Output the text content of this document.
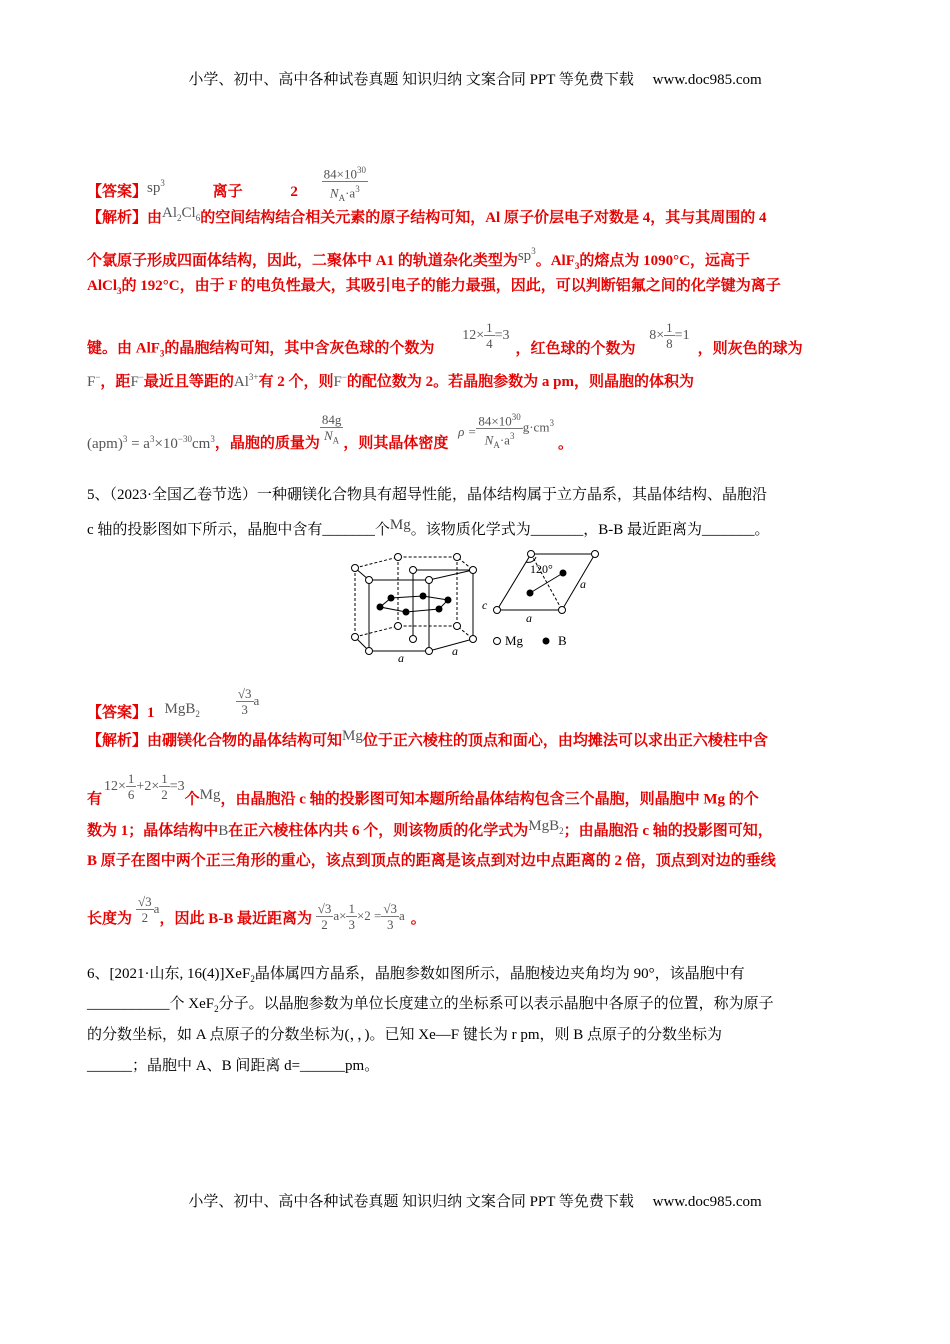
小学、初中、高中各种试卷真题 知识归纳 文案合同 PPT 等免费下载　 www.doc985.com
【答案】$sp^3$ 离子	$2 \frac{84\times 10^{30}}{N_A\cdot a^3}$
【解析】由$Al_2Cl_6$的空间结构结合相关元素的原子结构可知，Al 原子价层电子对数是 4，其与其周围的 4
个氯原子形成四面体结构，因此，二聚体中 A1 的轨道杂化类型为$sp^3$。AlF$_3$的熔点为 1090°C，远高于
AlCl$_3$的 192°C，由于 F 的电负性最大，其吸引电子的能力最强，因此，可以判断铝氟之间的化学键为离子
键。由 AlF$_3$的晶胞结构可知，其中含灰色球的个数为
$12\times \frac{1}{4} =3$
，红色球的个数为
$8\times \frac{1}{8} =1$
，则灰色的球为
F−，距F−最近且等距的$Al^{3+}$有 2 个，则F−的配位数为 2。若晶胞参数为 a pm，则晶胞的体积为
$(apm)^3 = a^3\times 10^{-30}cm^3$，晶胞的质量为 $\frac{84g}{N_A}$ ，则其晶体密度
$\rho = \frac{84\times 10^{30}}{N_A\cdot a^3} g\cdot cm^3$
。
5、（2023·全国乙卷节选）一种硼镁化合物具有超导性能，晶体结构属于立方晶系，其晶体结构、晶胞沿
c 轴的投影图如下所示，晶胞中含有_______个Mg。该物质化学式为_______，B-B 最近距离为_______。
c
a	a
a
a
120°
Mg	B
【答案】1 MgB$_2$	$\frac{√3}{3}$ a
【解析】由硼镁化合物的晶体结构可知Mg位于正六棱柱的顶点和面心，由均摊法可以求出正六棱柱中含
有
$12\times \frac{1}{6} +2\times \frac{1}{2} =3$
个Mg，由晶胞沿 c 轴的投影图可知本题所给晶体结构包含三个晶胞，则晶胞中 Mg 的个
数为 1；晶体结构中B在正六棱柱体内共 6 个，则该物质的化学式为MgB$_2$；由晶胞沿 c 轴的投影图可知，
B 原子在图中两个正三角形的重心，该点到顶点的距离是该点到对边中点距离的 2 倍，顶点到对边的垂线
长度为 $\frac{√3}{2}$ a，因此 B-B 最近距离为 $\frac{√3}{2} a\times \frac{1}{3} \times 2 = \frac{√3}{3}$ a 。
6、[2021·山东, 16(4)]XeF$_2$晶体属四方晶系，晶胞参数如图所示，晶胞棱边夹角均为 90°，该晶胞中有
___________个 XeF$_2$分子。以晶胞参数为单位长度建立的坐标系可以表示晶胞中各原子的位置，称为原子
的分数坐标，如 A 点原子的分数坐标为(，，)。已知 Xe—F 键长为 r pm，则 B 点原子的分数坐标为
______；晶胞中 A、B 间距离 d=______pm。
小学、初中、高中各种试卷真题 知识归纳 文案合同 PPT 等免费下载　 www.doc985.com
